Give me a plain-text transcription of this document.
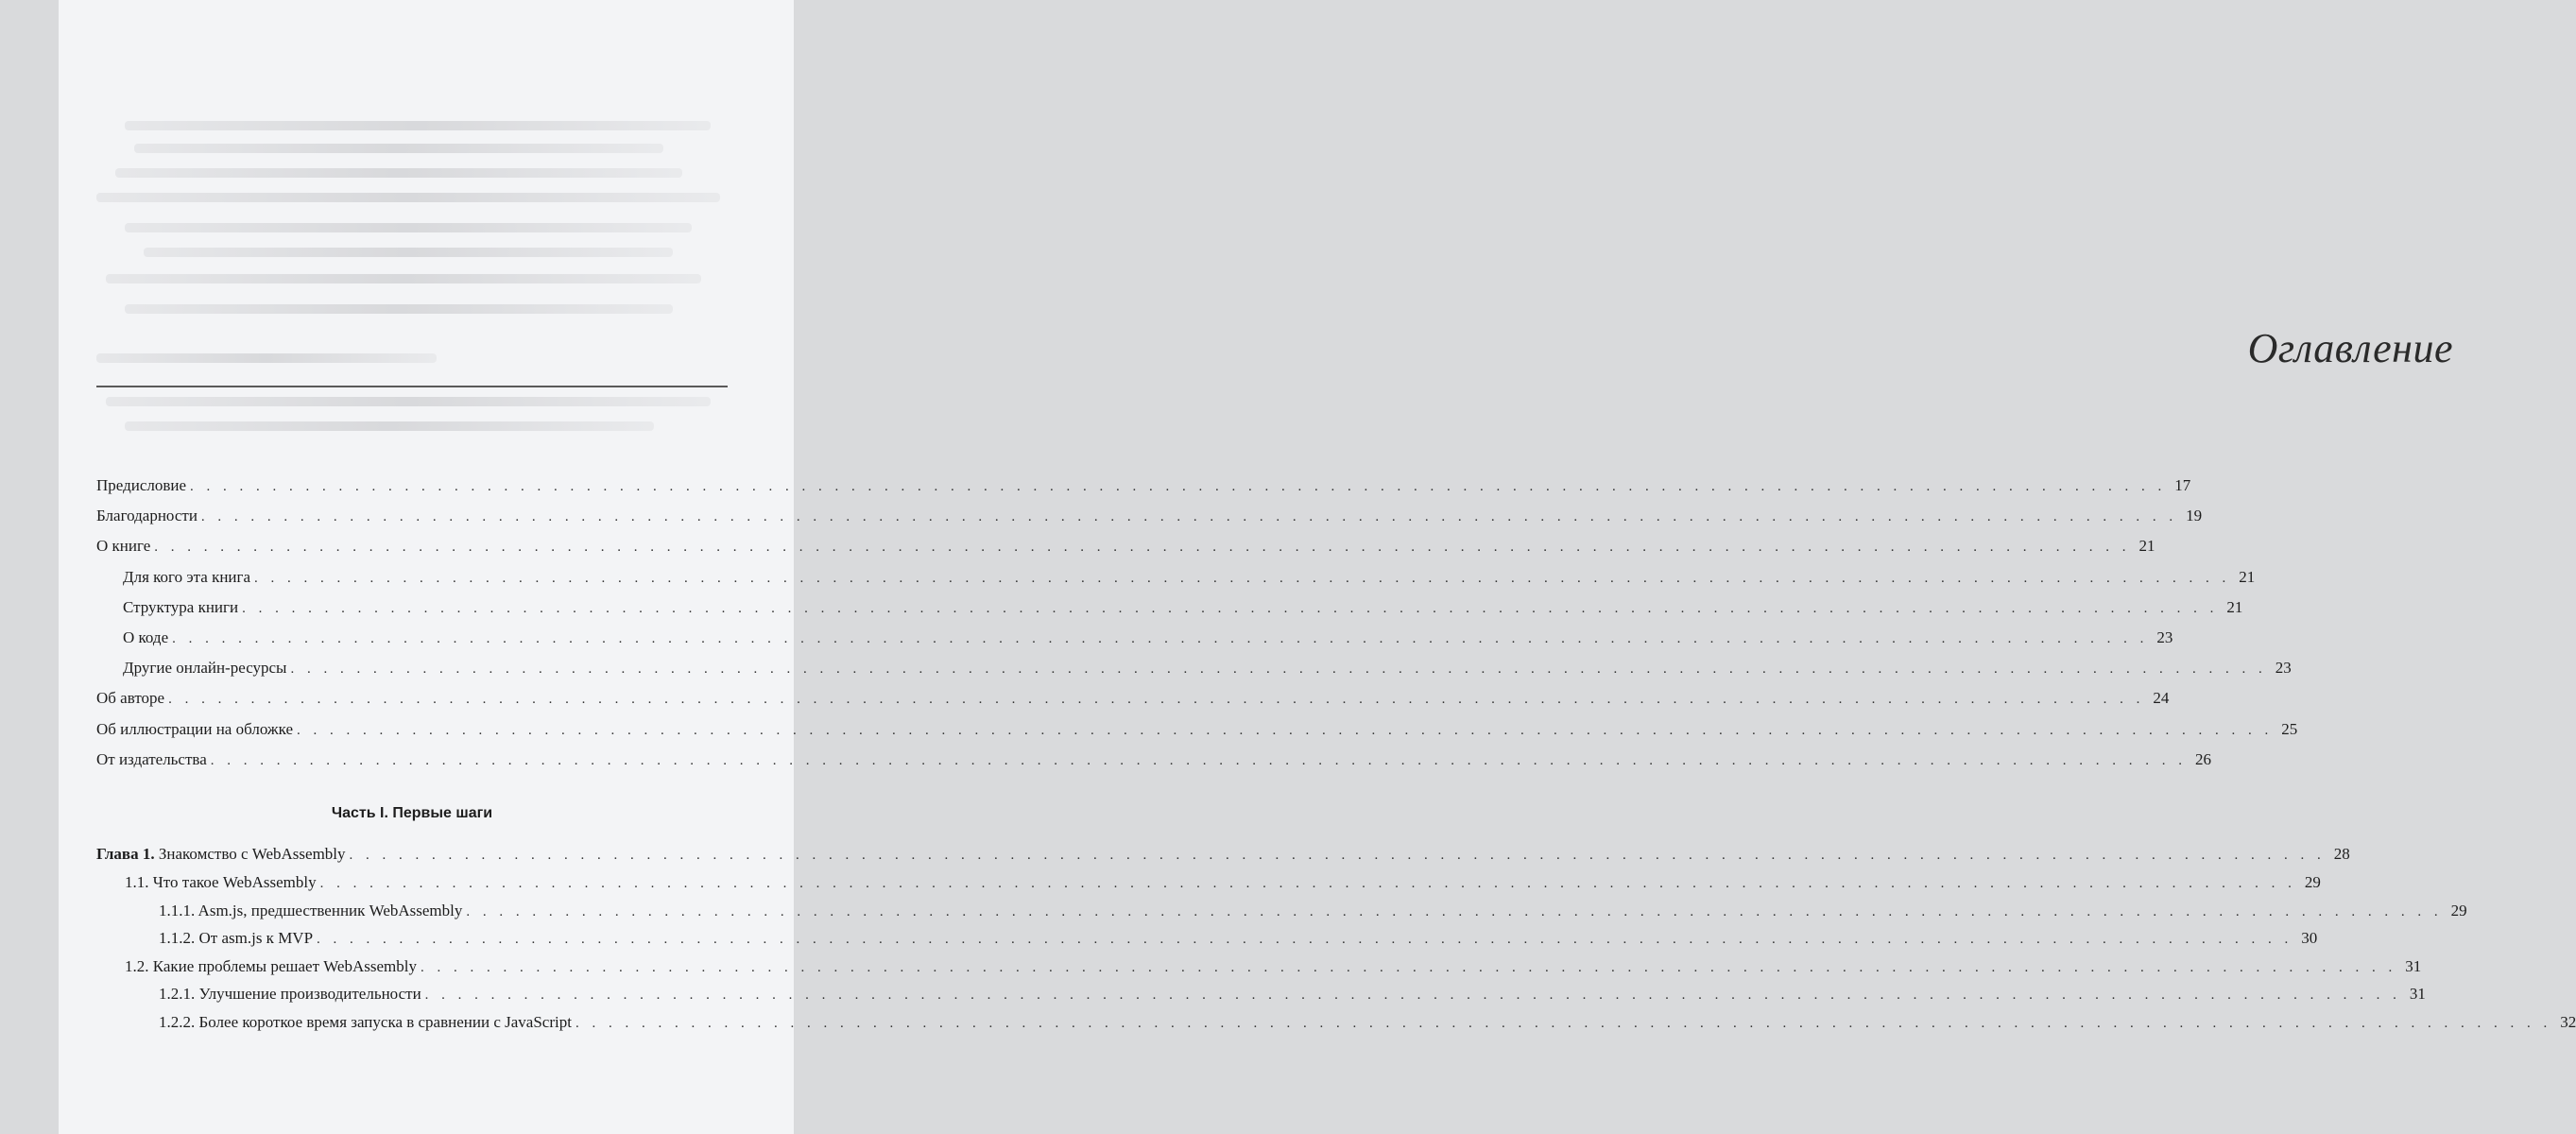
Оглавление
Предисловие . . . . . . . . . . . . . . . . . . . . . . . . . . . . . . . . . . . . . . . . . . . . . . . . . . . . . . . . . . . . . . . . . . . . . . . . . . . . . . . . . . . . . . . . . . . . . . . . . . . . . . . . . . . . . . . . . . . . . . . . 17
Благодарности . . . . . . . . . . . . . . . . . . . . . . . . . . . . . . . . . . . . . . . . . . . . . . . . . . . . . . . . . . . . . . . . . . . . . . . . . . . . . . . . . . . . . . . . . . . . . . . . . . . . . . . . . . . . . . . . . . . . . . . . 19
О книге . . . . . . . . . . . . . . . . . . . . . . . . . . . . . . . . . . . . . . . . . . . . . . . . . . . . . . . . . . . . . . . . . . . . . . . . . . . . . . . . . . . . . . . . . . . . . . . . . . . . . . . . . . . . . . . . . . . . . . . . 21
Для кого эта книга . . . . . . . . . . . . . . . . . . . . . . . . . . . . . . . . . . . . . . . . . . . . . . . . . . . . . . . . . . . . . . . . . . . . . . . . . . . . . . . . . . . . . . . . . . . . . . . . . . . . . . . . . . . . . . . . . . . . . . . . 21
Структура книги . . . . . . . . . . . . . . . . . . . . . . . . . . . . . . . . . . . . . . . . . . . . . . . . . . . . . . . . . . . . . . . . . . . . . . . . . . . . . . . . . . . . . . . . . . . . . . . . . . . . . . . . . . . . . . . . . . . . . . . . 21
О коде . . . . . . . . . . . . . . . . . . . . . . . . . . . . . . . . . . . . . . . . . . . . . . . . . . . . . . . . . . . . . . . . . . . . . . . . . . . . . . . . . . . . . . . . . . . . . . . . . . . . . . . . . . . . . . . . . . . . . . . . 23
Другие онлайн-ресурсы . . . . . . . . . . . . . . . . . . . . . . . . . . . . . . . . . . . . . . . . . . . . . . . . . . . . . . . . . . . . . . . . . . . . . . . . . . . . . . . . . . . . . . . . . . . . . . . . . . . . . . . . . . . . . . . . . . . . . . . . 23
Об авторе . . . . . . . . . . . . . . . . . . . . . . . . . . . . . . . . . . . . . . . . . . . . . . . . . . . . . . . . . . . . . . . . . . . . . . . . . . . . . . . . . . . . . . . . . . . . . . . . . . . . . . . . . . . . . . . . . . . . . . . . 24
Об иллюстрации на обложке . . . . . . . . . . . . . . . . . . . . . . . . . . . . . . . . . . . . . . . . . . . . . . . . . . . . . . . . . . . . . . . . . . . . . . . . . . . . . . . . . . . . . . . . . . . . . . . . . . . . . . . . . . . . . . . . . . . . . . . . 25
От издательства . . . . . . . . . . . . . . . . . . . . . . . . . . . . . . . . . . . . . . . . . . . . . . . . . . . . . . . . . . . . . . . . . . . . . . . . . . . . . . . . . . . . . . . . . . . . . . . . . . . . . . . . . . . . . . . . . . . . . . . . 26
Часть I. Первые шаги
Глава 1. Знакомство с WebAssembly . . . . . . . . . . . . . . . . . . . . . . . . . . . . . . . . . . . . . . . . . . . . . . . . . . . . . . . . . . . . . . . . . . . . . . . . . . . . . . . . . . . . . . . . . . . . . . . . . . . . . . . . . . . . . . . . . . . . . . . . 28
1.1. Что такое WebAssembly . . . . . . . . . . . . . . . . . . . . . . . . . . . . . . . . . . . . . . . . . . . . . . . . . . . . . . . . . . . . . . . . . . . . . . . . . . . . . . . . . . . . . . . . . . . . . . . . . . . . . . . . . . . . . . . . . . . . . . . . 29
1.1.1. Asm.js, предшественник WebAssembly . . . . . . . . . . . . . . . . . . . . . . . . . . . . . . . . . . . . . . . . . . . . . . . . . . . . . . . . . . . . . . . . . . . . . . . . . . . . . . . . . . . . . . . . . . . . . . . . . . . . . . . . . . . . . . . . . . . . . . . . 29
1.1.2. От asm.js к MVP . . . . . . . . . . . . . . . . . . . . . . . . . . . . . . . . . . . . . . . . . . . . . . . . . . . . . . . . . . . . . . . . . . . . . . . . . . . . . . . . . . . . . . . . . . . . . . . . . . . . . . . . . . . . . . . . . . . . . . . . 30
1.2. Какие проблемы решает WebAssembly . . . . . . . . . . . . . . . . . . . . . . . . . . . . . . . . . . . . . . . . . . . . . . . . . . . . . . . . . . . . . . . . . . . . . . . . . . . . . . . . . . . . . . . . . . . . . . . . . . . . . . . . . . . . . . . . . . . . . . . . 31
1.2.1. Улучшение производительности . . . . . . . . . . . . . . . . . . . . . . . . . . . . . . . . . . . . . . . . . . . . . . . . . . . . . . . . . . . . . . . . . . . . . . . . . . . . . . . . . . . . . . . . . . . . . . . . . . . . . . . . . . . . . . . . . . . . . . . . 31
1.2.2. Более короткое время запуска в сравнении с JavaScript . . . . . . . . . . . . . . . . . . . . . . . . . . . . . . . . . . . . . . . . . . . . . . . . . . . . . . . . . . . . . . . . . . . . . . . . . . . . . . . . . . . . . . . . . . . . . . . . . . . . . . . . . . . . . . . . . . . . . . . . 32
